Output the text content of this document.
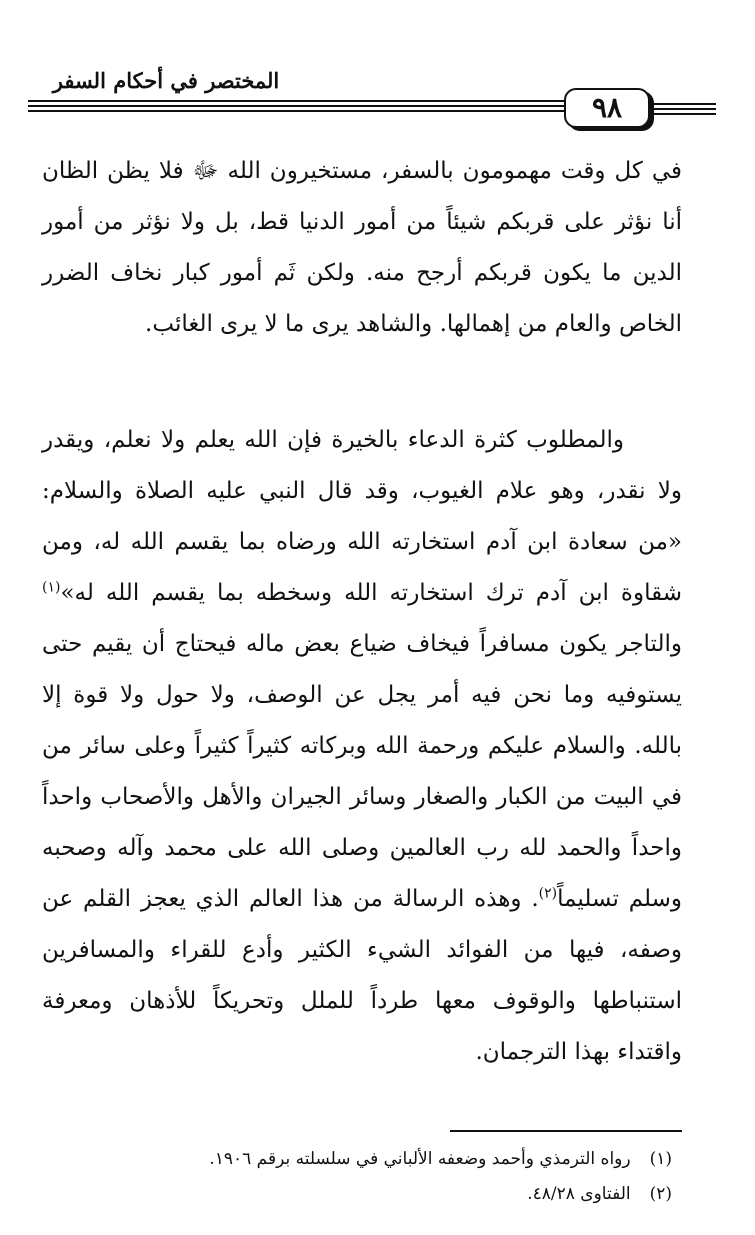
المختصر في أحكام السفر
٩٨

في كل وقت مهمومون بالسفر، مستخيرون الله ﷻ فلا يظن الظان أنا نؤثر على قربكم شيئاً من أمور الدنيا قط، بل ولا نؤثر من أمور الدين ما يكون قربكم أرجح منه. ولكن ثَم أمور كبار نخاف الضرر الخاص والعام من إهمالها. والشاهد يرى ما لا يرى الغائب.

والمطلوب كثرة الدعاء بالخيرة فإن الله يعلم ولا نعلم، ويقدر ولا نقدر، وهو علام الغيوب، وقد قال النبي عليه الصلاة والسلام: «من سعادة ابن آدم استخارته الله ورضاه بما يقسم الله له، ومن شقاوة ابن آدم ترك استخارته الله وسخطه بما يقسم الله له»$^{(١)}$ والتاجر يكون مسافراً فيخاف ضياع بعض ماله فيحتاج أن يقيم حتى يستوفيه وما نحن فيه أمر يجل عن الوصف، ولا حول ولا قوة إلا بالله. والسلام عليكم ورحمة الله وبركاته كثيراً كثيراً وعلى سائر من في البيت من الكبار والصغار وسائر الجيران والأهل والأصحاب واحداً واحداً والحمد لله رب العالمين وصلى الله على محمد وآله وصحبه وسلم تسليماً$^{(٢)}$. وهذه الرسالة من هذا العالم الذي يعجز القلم عن وصفه، فيها من الفوائد الشيء الكثير وأدع للقراء والمسافرين استنباطها والوقوف معها طرداً للملل وتحريكاً للأذهان ومعرفة واقتداء بهذا الترجمان.

(١) رواه الترمذي وأحمد وضعفه الألباني في سلسلته برقم ١٩٠٦.
(٢) الفتاوى ٤٨/٢٨.
